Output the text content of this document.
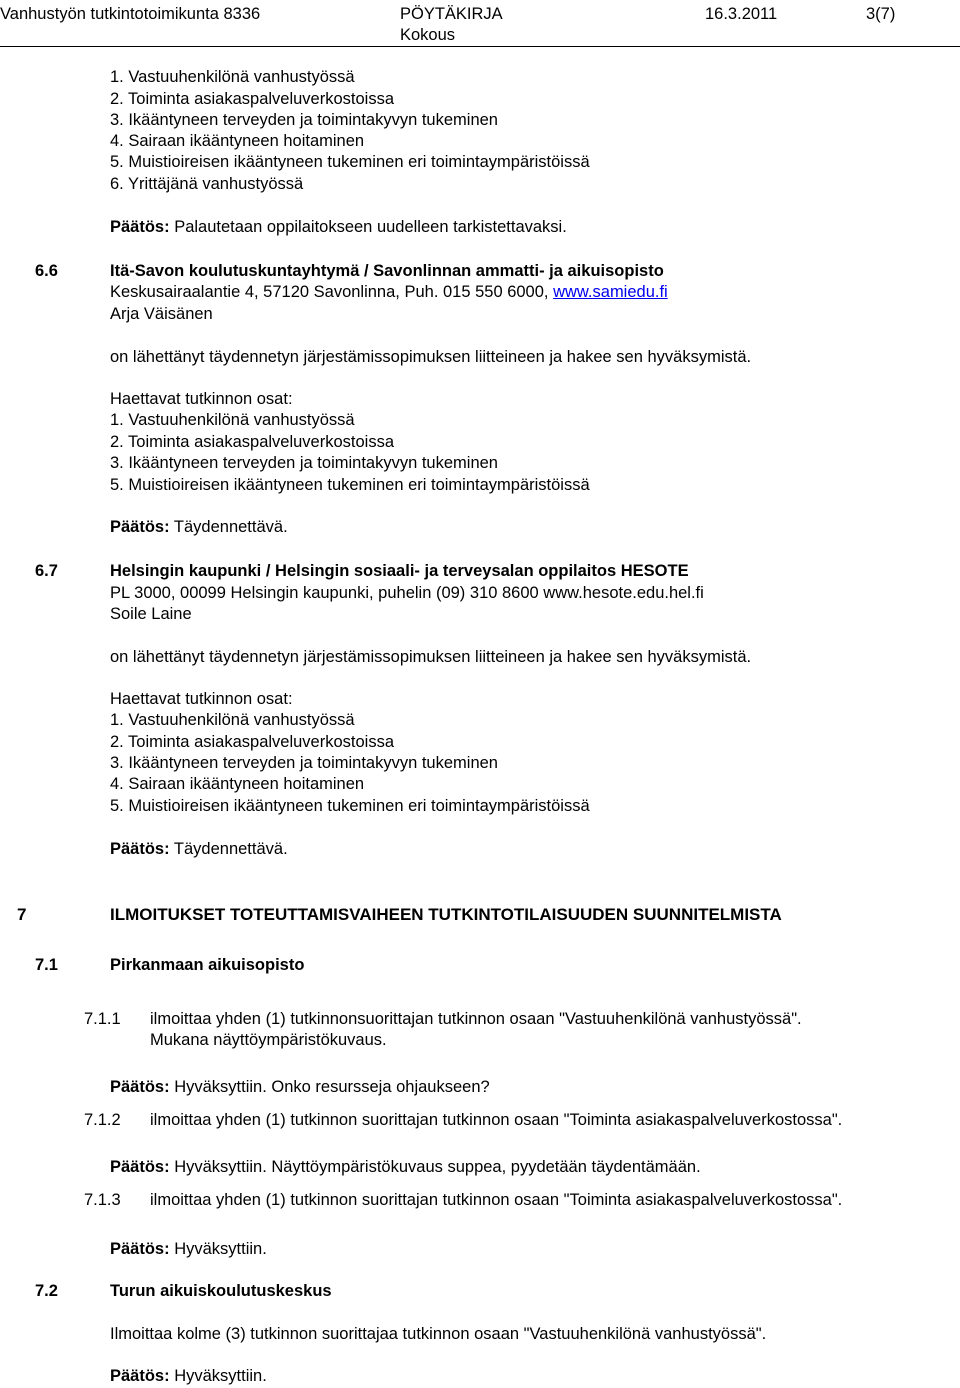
Vanhustyön tutkintotoimikunta 8336	PÖYTÄKIRJA
Kokous
16.3.2011	3(7)
1. Vastuuhenkilönä vanhustyössä
2. Toiminta asiakaspalveluverkostoissa
3. Ikääntyneen terveyden ja toimintakyvyn tukeminen
4. Sairaan ikääntyneen hoitaminen
5. Muistioireisen ikääntyneen tukeminen eri toimintaympäristöissä
6. Yrittäjänä vanhustyössä
Päätös: Palautetaan oppilaitokseen uudelleen tarkistettavaksi.
6.6	Itä-Savon koulutuskuntayhtymä / Savonlinnan ammatti- ja aikuisopisto
Keskusairaalantie 4, 57120 Savonlinna, Puh. 015 550 6000, www.samiedu.fi
Arja Väisänen
on lähettänyt täydennetyn järjestämissopimuksen liitteineen ja hakee sen hyväksymistä.
Haettavat tutkinnon osat:
1. Vastuuhenkilönä vanhustyössä
2. Toiminta asiakaspalveluverkostoissa
3. Ikääntyneen terveyden ja toimintakyvyn tukeminen
5. Muistioireisen ikääntyneen tukeminen eri toimintaympäristöissä
Päätös: Täydennettävä.
6.7	Helsingin kaupunki / Helsingin sosiaali- ja terveysalan oppilaitos HESOTE
PL 3000, 00099 Helsingin kaupunki, puhelin (09) 310 8600 www.hesote.edu.hel.fi
Soile Laine
on lähettänyt täydennetyn järjestämissopimuksen liitteineen ja hakee sen hyväksymistä.
Haettavat tutkinnon osat:
1. Vastuuhenkilönä vanhustyössä
2. Toiminta asiakaspalveluverkostoissa
3. Ikääntyneen terveyden ja toimintakyvyn tukeminen
4. Sairaan ikääntyneen hoitaminen
5. Muistioireisen ikääntyneen tukeminen eri toimintaympäristöissä
Päätös: Täydennettävä.
7	ILMOITUKSET TOTEUTTAMISVAIHEEN TUTKINTOTILAISUUDEN SUUNNITELMISTA
7.1	Pirkanmaan aikuisopisto
7.1.1 ilmoittaa yhden (1) tutkinnonsuorittajan tutkinnon osaan "Vastuuhenkilönä vanhustyössä".
Mukana näyttöympäristökuvaus.
Päätös: Hyväksyttiin. Onko resursseja ohjaukseen?
7.1.2 ilmoittaa yhden (1) tutkinnon suorittajan tutkinnon osaan "Toiminta asiakaspalveluverkostossa".
Päätös: Hyväksyttiin. Näyttöympäristökuvaus suppea, pyydetään täydentämään.
7.1.3 ilmoittaa yhden (1) tutkinnon suorittajan tutkinnon osaan "Toiminta asiakaspalveluverkostossa".
Päätös: Hyväksyttiin.
7.2	Turun aikuiskoulutuskeskus
Ilmoittaa kolme (3) tutkinnon suorittajaa tutkinnon osaan "Vastuuhenkilönä vanhustyössä".
Päätös: Hyväksyttiin.
